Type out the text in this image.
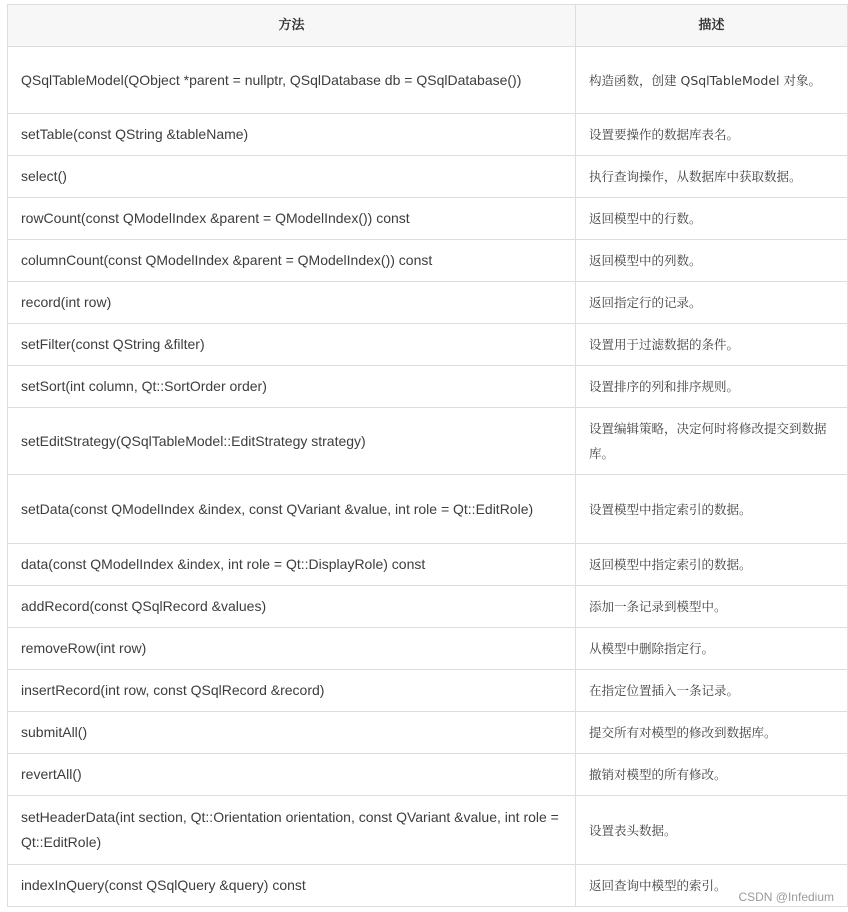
方法	描述
QSqlTableModel(QObject *parent = nullptr, QSqlDatabase db = QSqlDatabase())	构造函数，创建 QSqlTableModel 对象。
setTable(const QString &tableName)	设置要操作的数据库表名。
select()	执行查询操作，从数据库中获取数据。
rowCount(const QModelIndex &parent = QModelIndex()) const	返回模型中的行数。
columnCount(const QModelIndex &parent = QModelIndex()) const	返回模型中的列数。
record(int row)	返回指定行的记录。
setFilter(const QString &filter)	设置用于过滤数据的条件。
setSort(int column, Qt::SortOrder order)	设置排序的列和排序规则。
setEditStrategy(QSqlTableModel::EditStrategy strategy)	设置编辑策略，决定何时将修改提交到数据库。
setData(const QModelIndex &index, const QVariant &value, int role = Qt::EditRole)	设置模型中指定索引的数据。
data(const QModelIndex &index, int role = Qt::DisplayRole) const	返回模型中指定索引的数据。
addRecord(const QSqlRecord &values)	添加一条记录到模型中。
removeRow(int row)	从模型中删除指定行。
insertRecord(int row, const QSqlRecord &record)	在指定位置插入一条记录。
submitAll()	提交所有对模型的修改到数据库。
revertAll()	撤销对模型的所有修改。
setHeaderData(int section, Qt::Orientation orientation, const QVariant &value, int role = Qt::EditRole)	设置表头数据。
indexInQuery(const QSqlQuery &query) const	返回查询中模型的索引。
CSDN @Infedium
